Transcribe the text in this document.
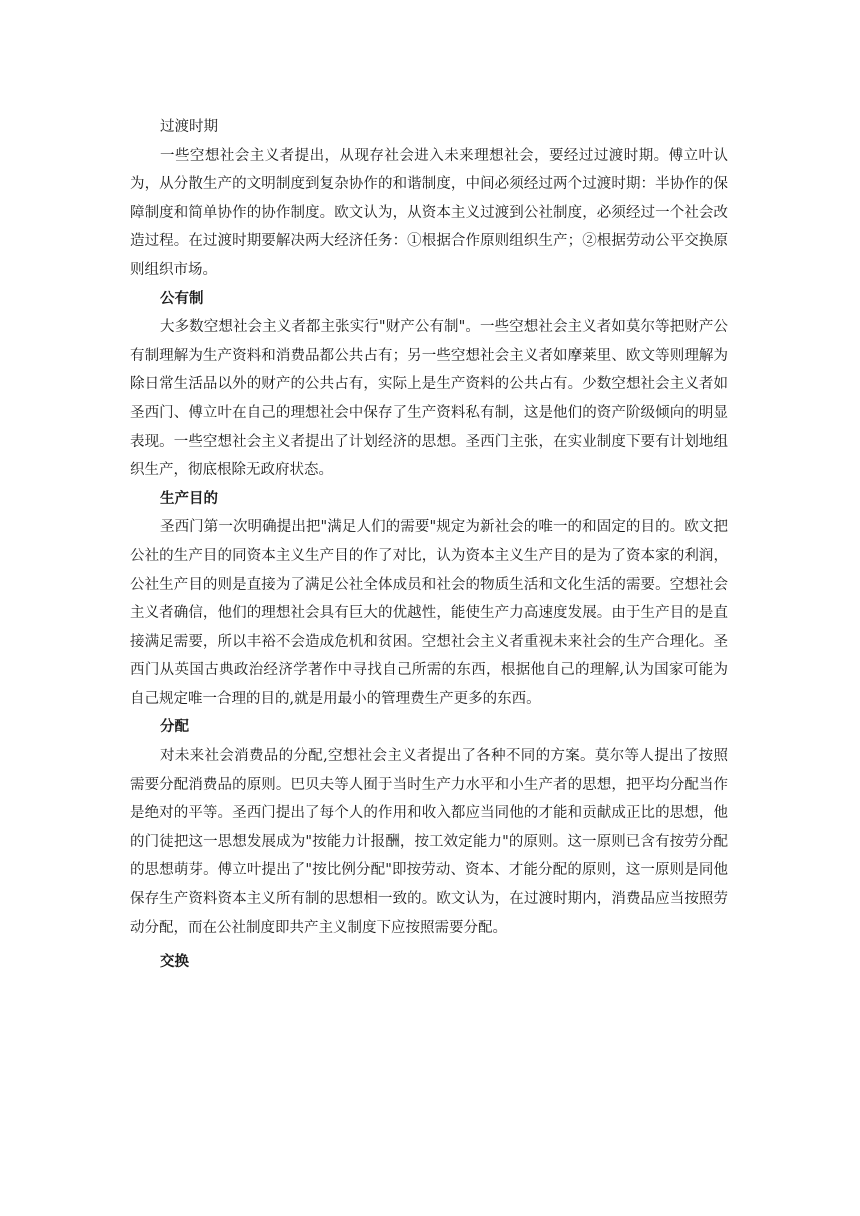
过渡时期

一些空想社会主义者提出，从现存社会进入未来理想社会，要经过过渡时期。傅立叶认为，从分散生产的文明制度到复杂协作的和谐制度，中间必须经过两个过渡时期：半协作的保障制度和简单协作的协作制度。欧文认为，从资本主义过渡到公社制度，必须经过一个社会改造过程。在过渡时期要解决两大经济任务：①根据合作原则组织生产；②根据劳动公平交换原则组织市场。

公有制

大多数空想社会主义者都主张实行"财产公有制"。一些空想社会主义者如莫尔等把财产公有制理解为生产资料和消费品都公共占有；另一些空想社会主义者如摩莱里、欧文等则理解为除日常生活品以外的财产的公共占有，实际上是生产资料的公共占有。少数空想社会主义者如圣西门、傅立叶在自己的理想社会中保存了生产资料私有制，这是他们的资产阶级倾向的明显表现。一些空想社会主义者提出了计划经济的思想。圣西门主张，在实业制度下要有计划地组织生产，彻底根除无政府状态。

生产目的

圣西门第一次明确提出把"满足人们的需要"规定为新社会的唯一的和固定的目的。欧文把公社的生产目的同资本主义生产目的作了对比，认为资本主义生产目的是为了资本家的利润，公社生产目的则是直接为了满足公社全体成员和社会的物质生活和文化生活的需要。空想社会主义者确信，他们的理想社会具有巨大的优越性，能使生产力高速度发展。由于生产目的是直接满足需要，所以丰裕不会造成危机和贫困。空想社会主义者重视未来社会的生产合理化。圣西门从英国古典政治经济学著作中寻找自己所需的东西，根据他自己的理解,认为国家可能为自己规定唯一合理的目的,就是用最小的管理费生产更多的东西。

分配

对未来社会消费品的分配,空想社会主义者提出了各种不同的方案。莫尔等人提出了按照需要分配消费品的原则。巴贝夫等人囿于当时生产力水平和小生产者的思想，把平均分配当作是绝对的平等。圣西门提出了每个人的作用和收入都应当同他的才能和贡献成正比的思想，他的门徒把这一思想发展成为"按能力计报酬，按工效定能力"的原则。这一原则已含有按劳分配的思想萌芽。傅立叶提出了"按比例分配"即按劳动、资本、才能分配的原则，这一原则是同他保存生产资料资本主义所有制的思想相一致的。欧文认为，在过渡时期内，消费品应当按照劳动分配，而在公社制度即共产主义制度下应按照需要分配。

交换
